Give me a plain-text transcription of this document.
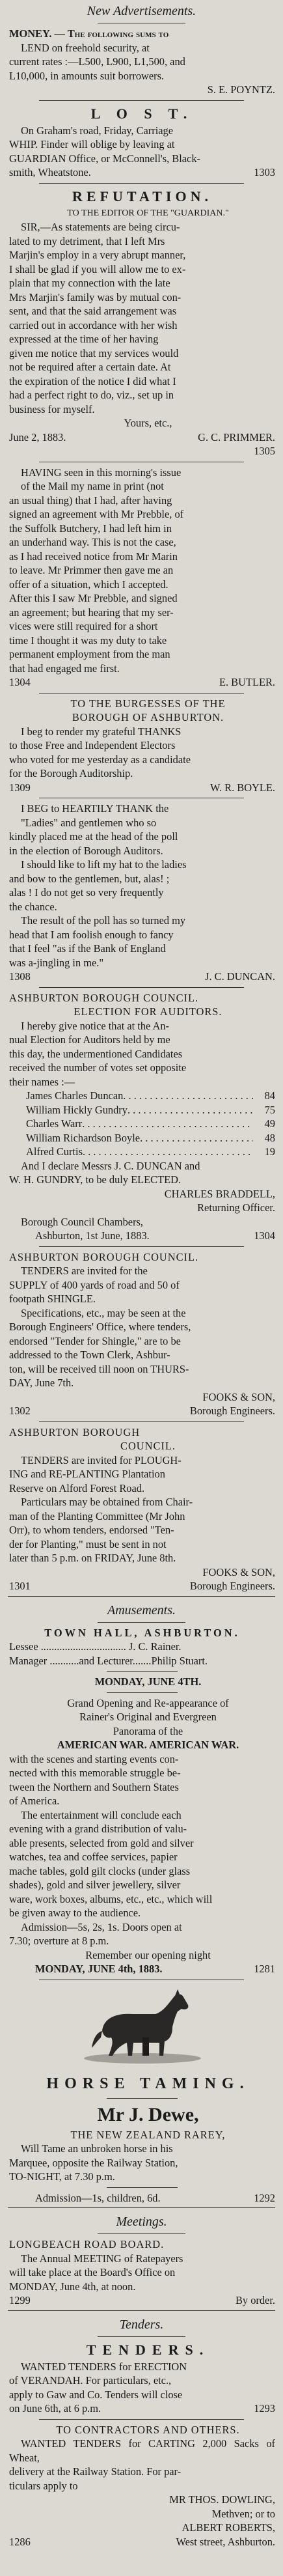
New Advertisements.

MONEY. — The following sums to

LEND on freehold security, at

current rates :—L500, L900, L1,500, and

L10,000, in amounts suit borrowers.

S. E. POYNTZ.

L O S T.

On Graham's road, Friday, Carriage

WHIP. Finder will oblige by leaving at

GUARDIAN Office, or McConnell's, Black-

smith, Wheatstone.	1303
REFUTATION.

TO THE EDITOR OF THE "GUARDIAN."

SIR,—As statements are being circu-

lated to my detriment, that I left Mrs

Marjin's employ in a very abrupt manner,

I shall be glad if you will allow me to ex-

plain that my connection with the late

Mrs Marjin's family was by mutual con-

sent, and that the said arrangement was

carried out in accordance with her wish

expressed at the time of her having

given me notice that my services would

not be required after a certain date. At

the expiration of the notice I did what I

had a perfect right to do, viz., set up in

business for myself.

Yours, etc.,

June 2, 1883.	G. C. PRIMMER.

1305

HAVING seen in this morning's issue

of the Mail my name in print (not

an usual thing) that I had, after having

signed an agreement with Mr Prebble, of

the Suffolk Butchery, I had left him in

an underhand way. This is not the case,

as I had received notice from Mr Marin

to leave. Mr Primmer then gave me an

offer of a situation, which I accepted.

After this I saw Mr Prebble, and signed

an agreement; but hearing that my ser-

vices were still required for a short

time I thought it was my duty to take

permanent employment from the man

that had engaged me first.

1304	E. BUTLER.

TO THE BURGESSES OF THE

BOROUGH OF ASHBURTON.

I beg to render my grateful THANKS

to those Free and Independent Electors

who voted for me yesterday as a candidate

for the Borough Auditorship.

1309	W. R. BOYLE.

I BEG to HEARTILY THANK the

"Ladies" and gentlemen who so

kindly placed me at the head of the poll

in the election of Borough Auditors.

I should like to lift my hat to the ladies

and bow to the gentlemen, but, alas! ;

alas ! I do not get so very frequently

the chance.

The result of the poll has so turned my

head that I am foolish enough to fancy

that I feel "as if the Bank of England

was a-jingling in me."

1308	J. C. DUNCAN.

ASHBURTON BOROUGH COUNCIL.

ELECTION FOR AUDITORS.

I hereby give notice that at the An-

nual Election for Auditors held by me

this day, the undermentioned Candidates

received the number of votes set opposite

their names :—

James Charles Duncan . . .	84
William Hickly Gundry . . .	75
Charles Warr . . .	49
William Richardson Boyle . . .	48
Alfred Curtis . . .	19

And I declare Messrs J. C. DUNCAN and

W. H. GUNDRY, to be duly ELECTED.

CHARLES BRADDELL,

Returning Officer.

Borough Council Chambers,

Ashburton, 1st June, 1883.	1304

ASHBURTON BOROUGH COUNCIL.

TENDERS are invited for the

SUPPLY of 400 yards of road and 50 of

footpath SHINGLE.

Specifications, etc., may be seen at the

Borough Engineers' Office, where tenders,

endorsed "Tender for Shingle," are to be

addressed to the Town Clerk, Ashbur-

ton, will be received till noon on THURS-

DAY, June 7th.

FOOKS & SON,

1302	Borough Engineers.

ASHBURTON BOROUGH

COUNCIL.

TENDERS are invited for PLOUGH-

ING and RE-PLANTING Plantation

Reserve on Alford Forest Road.

Particulars may be obtained from Chair-

man of the Planting Committee (Mr John

Orr), to whom tenders, endorsed "Ten-

der for Planting," must be sent in not

later than 5 p.m. on FRIDAY, June 8th.

FOOKS & SON,

1301	Borough Engineers.
Amusements.
TOWN HALL, ASHBURTON.

Lessee ................................ J. C. Rainer.

Manager ...........and Lecturer.......Philip Stuart.

MONDAY, JUNE 4TH.

Grand Opening and Re-appearance of

Rainer's Original and Evergreen

Panorama of the

AMERICAN WAR. AMERICAN WAR.

with the scenes and starting events con-

nected with this memorable struggle be-

tween the Northern and Southern States

of America.

The entertainment will conclude each

evening with a grand distribution of valu-

able presents, selected from gold and silver

watches, tea and coffee services, papier

mache tables, gold gilt clocks (under glass

shades), gold and silver jewellery, silver

ware, work boxes, albums, etc., etc., which will

be given away to the audience.

Admission—5s, 2s, 1s. Doors open at

7.30; overture at 8 p.m.

Remember our opening night

MONDAY, JUNE 4th, 1883.	1281

HORSE TAMING.

Mr J. Dewe,

THE NEW ZEALAND RAREY,

Will Tame an unbroken horse in his

Marquee, opposite the Railway Station,

TO-NIGHT, at 7.30 p.m.

Admission—1s, children, 6d.	1292
Meetings.

LONGBEACH ROAD BOARD.

The Annual MEETING of Ratepayers

will take place at the Board's Office on

MONDAY, June 4th, at noon.

1299	By order.
Tenders.

TENDERS.

WANTED TENDERS for ERECTION

of VERANDAH. For particulars, etc.,

apply to Gaw and Co. Tenders will close

on June 6th, at 6 p.m.	1293

TO CONTRACTORS AND OTHERS.

WANTED TENDERS for CARTING 2,000 Sacks of Wheat,

delivery at the Railway Station. For par-

ticulars apply to

MR THOS. DOWLING,

Methven; or to

ALBERT ROBERTS,

1286	West street, Ashburton.
